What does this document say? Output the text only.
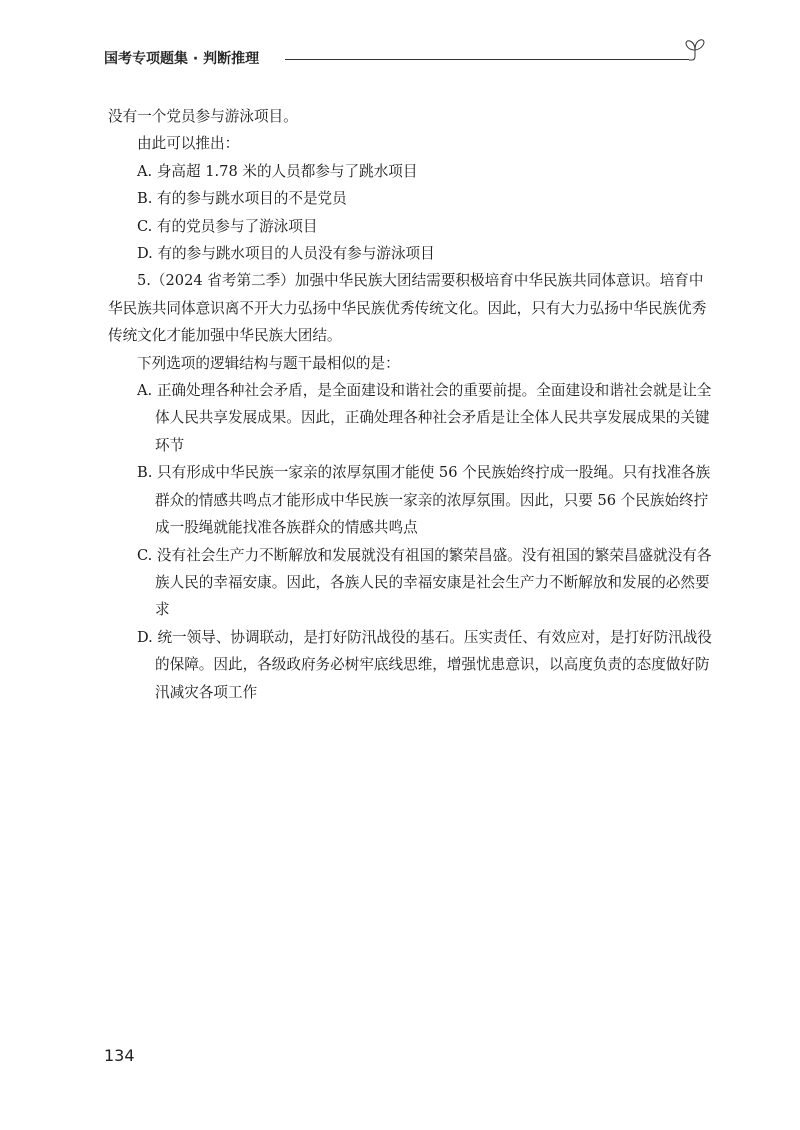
国考专项题集 · 判断推理

没有一个党员参与游泳项目。

由此可以推出：

A. 身高超 1.78 米的人员都参与了跳水项目

B. 有的参与跳水项目的不是党员

C. 有的党员参与了游泳项目

D. 有的参与跳水项目的人员没有参与游泳项目

5.（2024 省考第二季）加强中华民族大团结需要积极培育中华民族共同体意识。培育中华民族共同体意识离不开大力弘扬中华民族优秀传统文化。因此，只有大力弘扬中华民族优秀传统文化才能加强中华民族大团结。

下列选项的逻辑结构与题干最相似的是：

A. 正确处理各种社会矛盾，是全面建设和谐社会的重要前提。全面建设和谐社会就是让全体人民共享发展成果。因此，正确处理各种社会矛盾是让全体人民共享发展成果的关键环节

B. 只有形成中华民族一家亲的浓厚氛围才能使 56 个民族始终拧成一股绳。只有找准各族群众的情感共鸣点才能形成中华民族一家亲的浓厚氛围。因此，只要 56 个民族始终拧成一股绳就能找准各族群众的情感共鸣点

C. 没有社会生产力不断解放和发展就没有祖国的繁荣昌盛。没有祖国的繁荣昌盛就没有各族人民的幸福安康。因此，各族人民的幸福安康是社会生产力不断解放和发展的必然要求

D. 统一领导、协调联动，是打好防汛战役的基石。压实责任、有效应对，是打好防汛战役的保障。因此，各级政府务必树牢底线思维，增强忧患意识，以高度负责的态度做好防汛减灾各项工作

134
